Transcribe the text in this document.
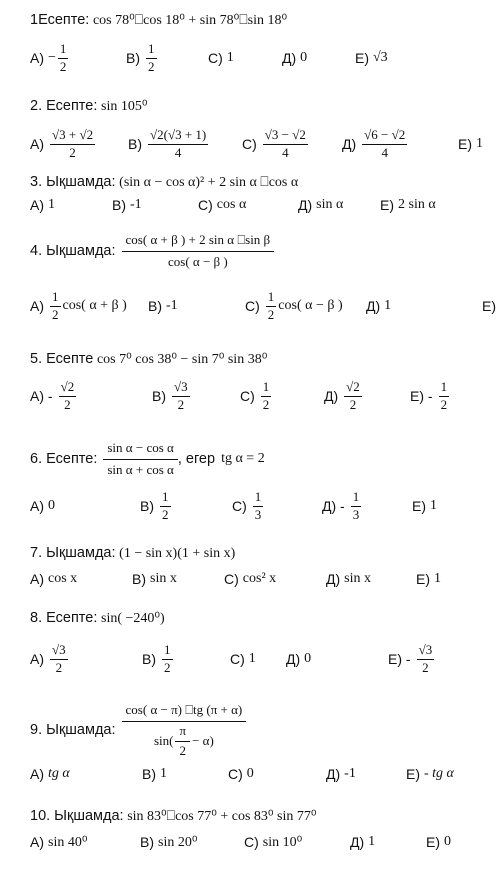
1Есепте: cos 78⁰⎕cos 18⁰ + sin 78⁰⎕sin 18⁰
$А) - \frac{1}{2}$	$В) \frac{1}{2}$	С) 1	Д) 0	Е) √3
2. Есепте: sin 105⁰
$А) \frac{√3 + √2}{2} В) \frac{√2(√3 + 1)}{4} С) \frac{√3 - √2}{4} Д) \frac{√6 - √2}{4}$	Е) 1
3. Ықшамда: (sin α − cos α)² + 2 sin α ⎕cos α
А) 1	В) -1	С) cos α	Д) sin α	Е) 2 sin α
4. Ықшамда: $\frac{\text{cos( α + β ) + 2 sin α ⎕sin β}}{\cos( \alpha - \beta )}$
$А) \frac{1}{2} \cos$( α + β ) В) -1	$С) \frac{1}{2} \cos$( α − β ) Д) 1	Е)
5. Есепте cos 7⁰ cos 38⁰ − sin 7⁰ sin 38⁰
$А) - \frac{√2}{2}$	$В) \frac{√3}{2}$	$С) \frac{1}{2}$	$Д) \frac{√2}{2}$	$Е) - \frac{1}{2}$
6. Есепте: $\frac{\text{sin α − cos α}}{\text{sin α + cos α}}$ , егер tg α = 2
А) 0	$В) \frac{1}{2}$	$С) \frac{1}{3}$	$Д) - \frac{1}{3}$	Е) 1
7. Ықшамда: (1 − sin x)(1 + sin x)
А) cos x	В) sin x	С) cos² x	Д) sin x	Е) 1
8. Есепте: sin( −240⁰)
$А) \frac{√3}{2}$	$В) \frac{1}{2}$	С) 1 Д) 0	$Е) - \frac{√3}{2}$
9. Ықшамда: $\frac{\cos( \alpha - \pi) ⎕tg (\pi + \alpha)}{\sin( \frac{\pi}{2} - \alpha)}$
А) tg α	В) 1	С) 0	Д) -1	Е) - tg α
10. Ықшамда: sin 83⁰⎕cos 77⁰ + cos 83⁰ sin 77⁰
А) sin 40⁰	В) sin 20⁰	С) sin 10⁰	Д) 1	Е) 0
